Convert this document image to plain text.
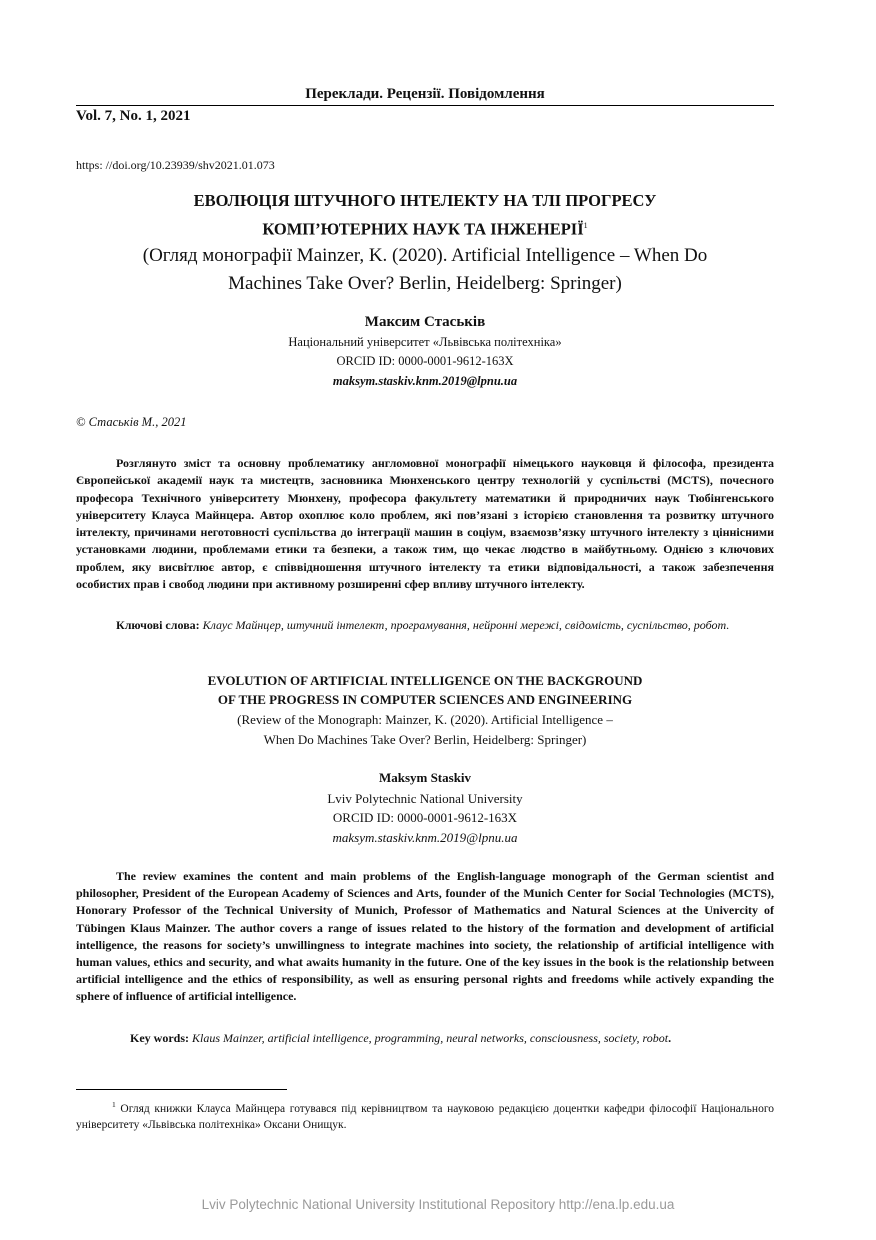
Переклади. Рецензії. Повідомлення
Vol. 7, No. 1, 2021
https: //doi.org/10.23939/shv2021.01.073
ЕВОЛЮЦІЯ ШТУЧНОГО ІНТЕЛЕКТУ НА ТЛІ ПРОГРЕСУ
КОМП’ЮТЕРНИХ НАУК ТА ІНЖЕНЕРІЇ$^1$
(Огляд монографії Mainzer, K. (2020). Artificial Intelligence – When Do
Machines Take Over? Berlin, Heidelberg: Springer)
Максим Стаськів
Національний університет «Львівська політехніка»
ORCID ID: 0000-0001-9612-163X
maksym.staskiv.knm.2019@lpnu.ua
© Стаськів М., 2021
Розглянуто зміст та основну проблематику англомовної монографії німецького науковця й філософа, президента Європейської академії наук та мистецтв, засновника Мюнхенського центру технологій у суспільстві (MCTS), почесного професора Технічного університету Мюнхену, професора факультету математики й природничих наук Тюбінгенського університету Клауса Майнцера. Автор охоплює коло проблем, які пов’язані з історією становлення та розвитку штучного інтелекту, причинами неготовності суспільства до інтеграції машин в соціум, взаємозв’язку штучного інтелекту з ціннісними установками людини, проблемами етики та безпеки, а також тим, що чекає людство в майбутньому. Однією з ключових проблем, яку висвітлює автор, є співвідношення штучного інтелекту та етики відповідальності, а також забезпечення особистих прав і свобод людини при активному розширенні сфер впливу штучного інтелекту.
Ключові слова: Клаус Майнцер, штучний інтелект, програмування, нейронні мережі, свідомість, суспільство, робот.
EVOLUTION OF ARTIFICIAL INTELLIGENCE ON THE BACKGROUND
OF THE PROGRESS IN COMPUTER SCIENCES AND ENGINEERING
(Review of the Monograph: Mainzer, K. (2020). Artificial Intelligence –
When Do Machines Take Over? Berlin, Heidelberg: Springer)
Maksym Staskiv
Lviv Polytechnic National University
ORCID ID: 0000-0001-9612-163X
maksym.staskiv.knm.2019@lpnu.ua
The review examines the content and main problems of the English-language monograph of the German scientist and philosopher, President of the European Academy of Sciences and Arts, founder of the Munich Center for Social Technologies (MCTS), Honorary Professor of the Technical University of Munich, Professor of Mathematics and Natural Sciences at the Univercity of Tübingen Klaus Mainzer. The author covers a range of issues related to the history of the formation and development of artificial intelligence, the reasons for society’s unwillingness to integrate machines into society, the relationship of artificial intelligence with human values, ethics and security, and what awaits humanity in the future. One of the key issues in the book is the relationship between artificial intelligence and the ethics of responsibility, as well as ensuring personal rights and freedoms while actively expanding the sphere of influence of artificial intelligence.
Key words: Klaus Mainzer, artificial intelligence, programming, neural networks, consciousness, society, robot.
$^1$ Огляд книжки Клауса Майнцера готувався під керівництвом та науковою редакцією доцентки кафедри філософії Національного університету «Львівська політехніка» Оксани Онищук.
Lviv Polytechnic National University Institutional Repository http://ena.lp.edu.ua
